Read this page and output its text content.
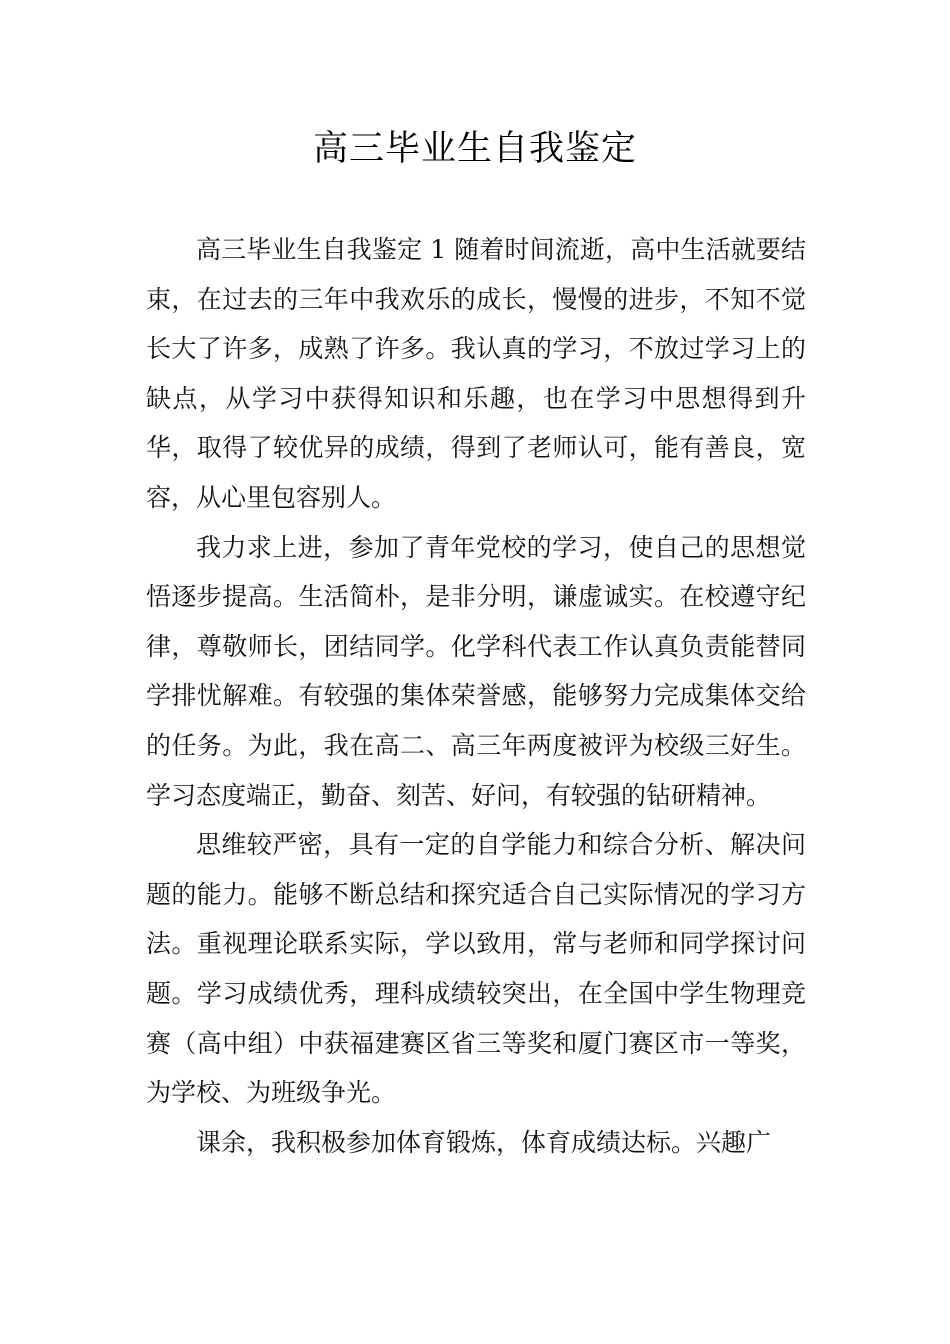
高三毕业生自我鉴定

高三毕业生自我鉴定 1 随着时间流逝，高中生活就要结束，在过去的三年中我欢乐的成长，慢慢的进步，不知不觉长大了许多，成熟了许多。我认真的学习，不放过学习上的缺点，从学习中获得知识和乐趣，也在学习中思想得到升华，取得了较优异的成绩，得到了老师认可，能有善良，宽容，从心里包容别人。

我力求上进，参加了青年党校的学习，使自己的思想觉悟逐步提高。生活简朴，是非分明，谦虚诚实。在校遵守纪律，尊敬师长，团结同学。化学科代表工作认真负责能替同学排忧解难。有较强的集体荣誉感，能够努力完成集体交给的任务。为此，我在高二、高三年两度被评为校级三好生。学习态度端正，勤奋、刻苦、好问，有较强的钻研精神。

思维较严密，具有一定的自学能力和综合分析、解决问题的能力。能够不断总结和探究适合自己实际情况的学习方法。重视理论联系实际，学以致用，常与老师和同学探讨问题。学习成绩优秀，理科成绩较突出，在全国中学生物理竞赛（高中组）中获福建赛区省三等奖和厦门赛区市一等奖，为学校、为班级争光。

课余，我积极参加体育锻炼，体育成绩达标。兴趣广
